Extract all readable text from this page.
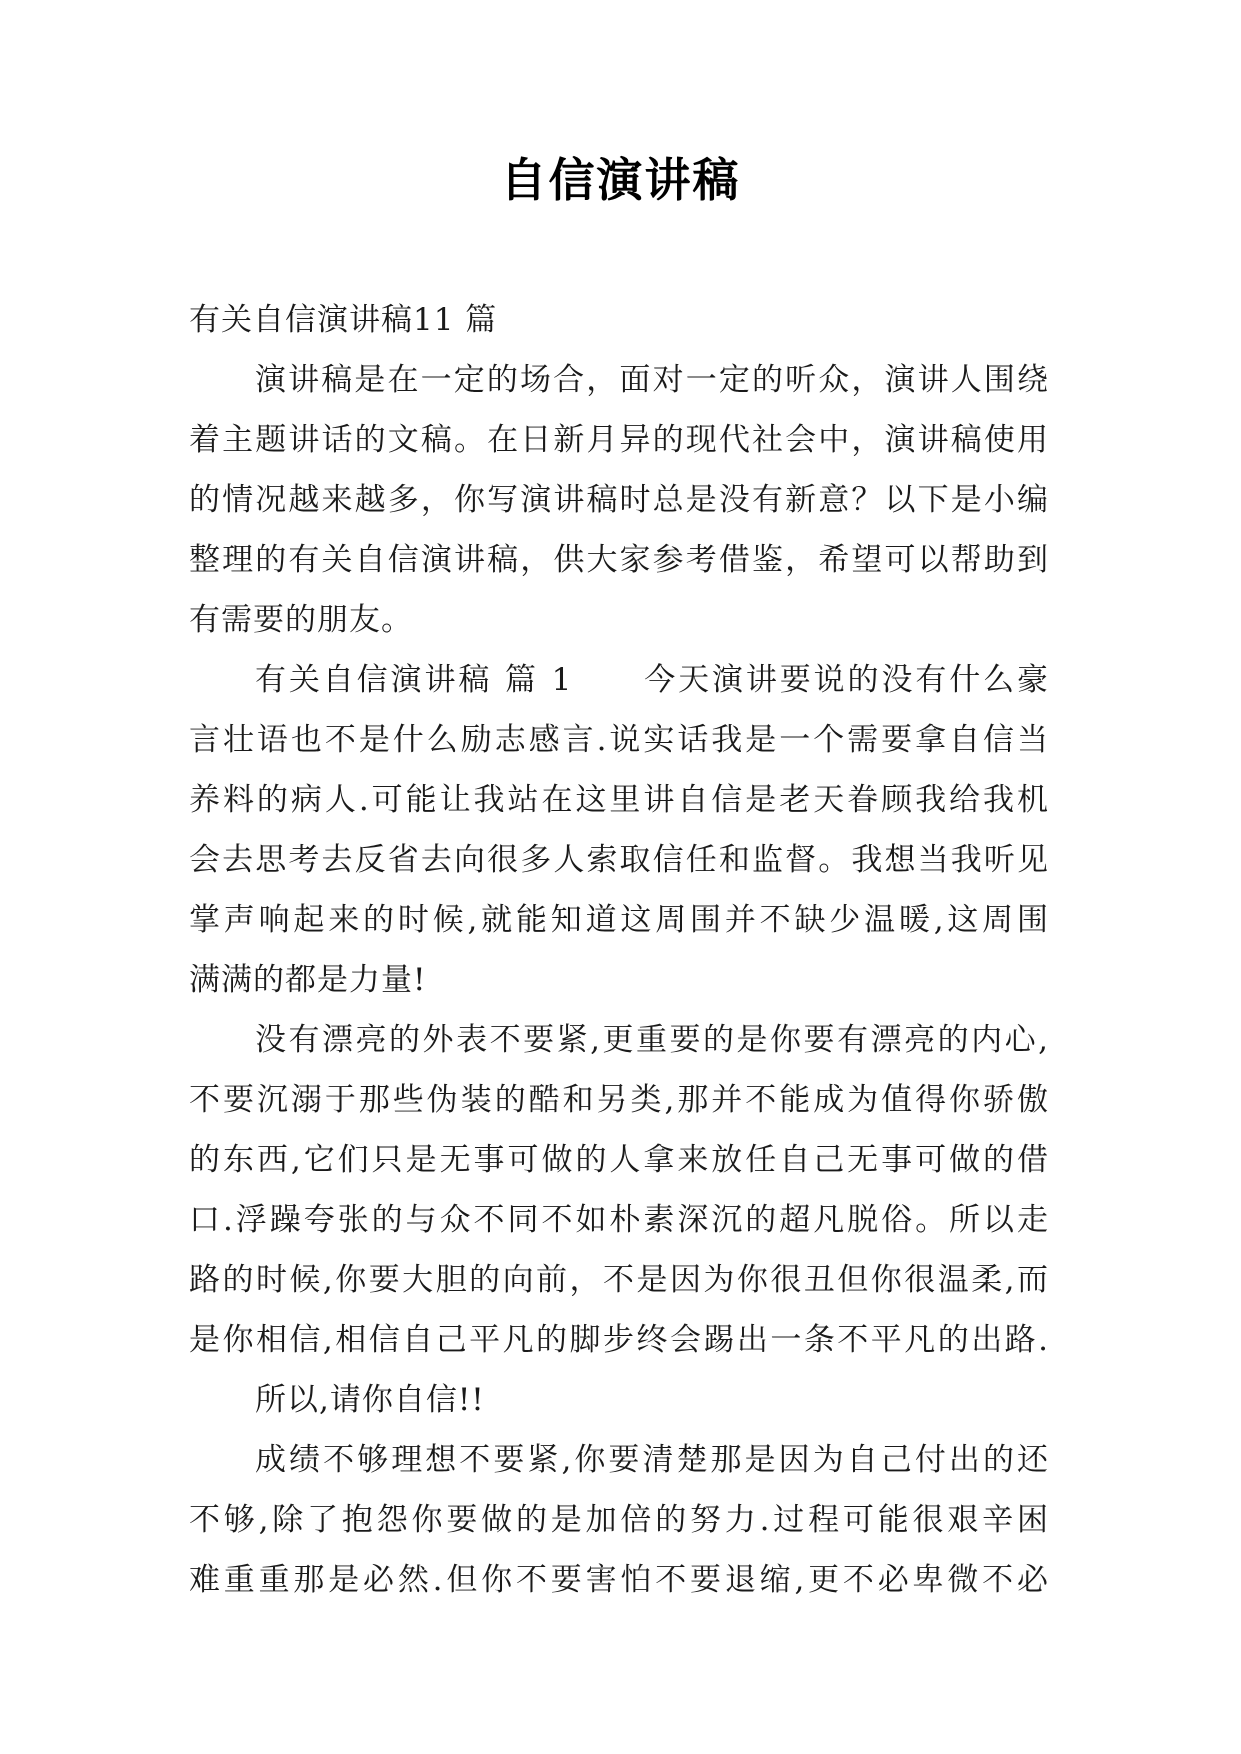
自信演讲稿
有关自信演讲稿11 篇
演讲稿是在一定的场合，面对一定的听众，演讲人围绕
着主题讲话的文稿。在日新月异的现代社会中，演讲稿使用
的情况越来越多，你写演讲稿时总是没有新意？以下是小编
整理的有关自信演讲稿，供大家参考借鉴，希望可以帮助到
有需要的朋友。
有关自信演讲稿 篇 1 今天演讲要说的没有什么豪
言壮语也不是什么励志感言.说实话我是一个需要拿自信当
养料的病人.可能让我站在这里讲自信是老天眷顾我给我机
会去思考去反省去向很多人索取信任和监督。我想当我听见
掌声响起来的时候,就能知道这周围并不缺少温暖,这周围
满满的都是力量!
没有漂亮的外表不要紧,更重要的是你要有漂亮的内心,
不要沉溺于那些伪装的酷和另类,那并不能成为值得你骄傲
的东西,它们只是无事可做的人拿来放任自己无事可做的借
口.浮躁夸张的与众不同不如朴素深沉的超凡脱俗。所以走
路的时候,你要大胆的向前，不是因为你很丑但你很温柔,而
是你相信,相信自己平凡的脚步终会踢出一条不平凡的出路.
所以,请你自信!!
成绩不够理想不要紧,你要清楚那是因为自己付出的还
不够,除了抱怨你要做的是加倍的努力.过程可能很艰辛困
难重重那是必然.但你不要害怕不要退缩,更不必卑微不必
